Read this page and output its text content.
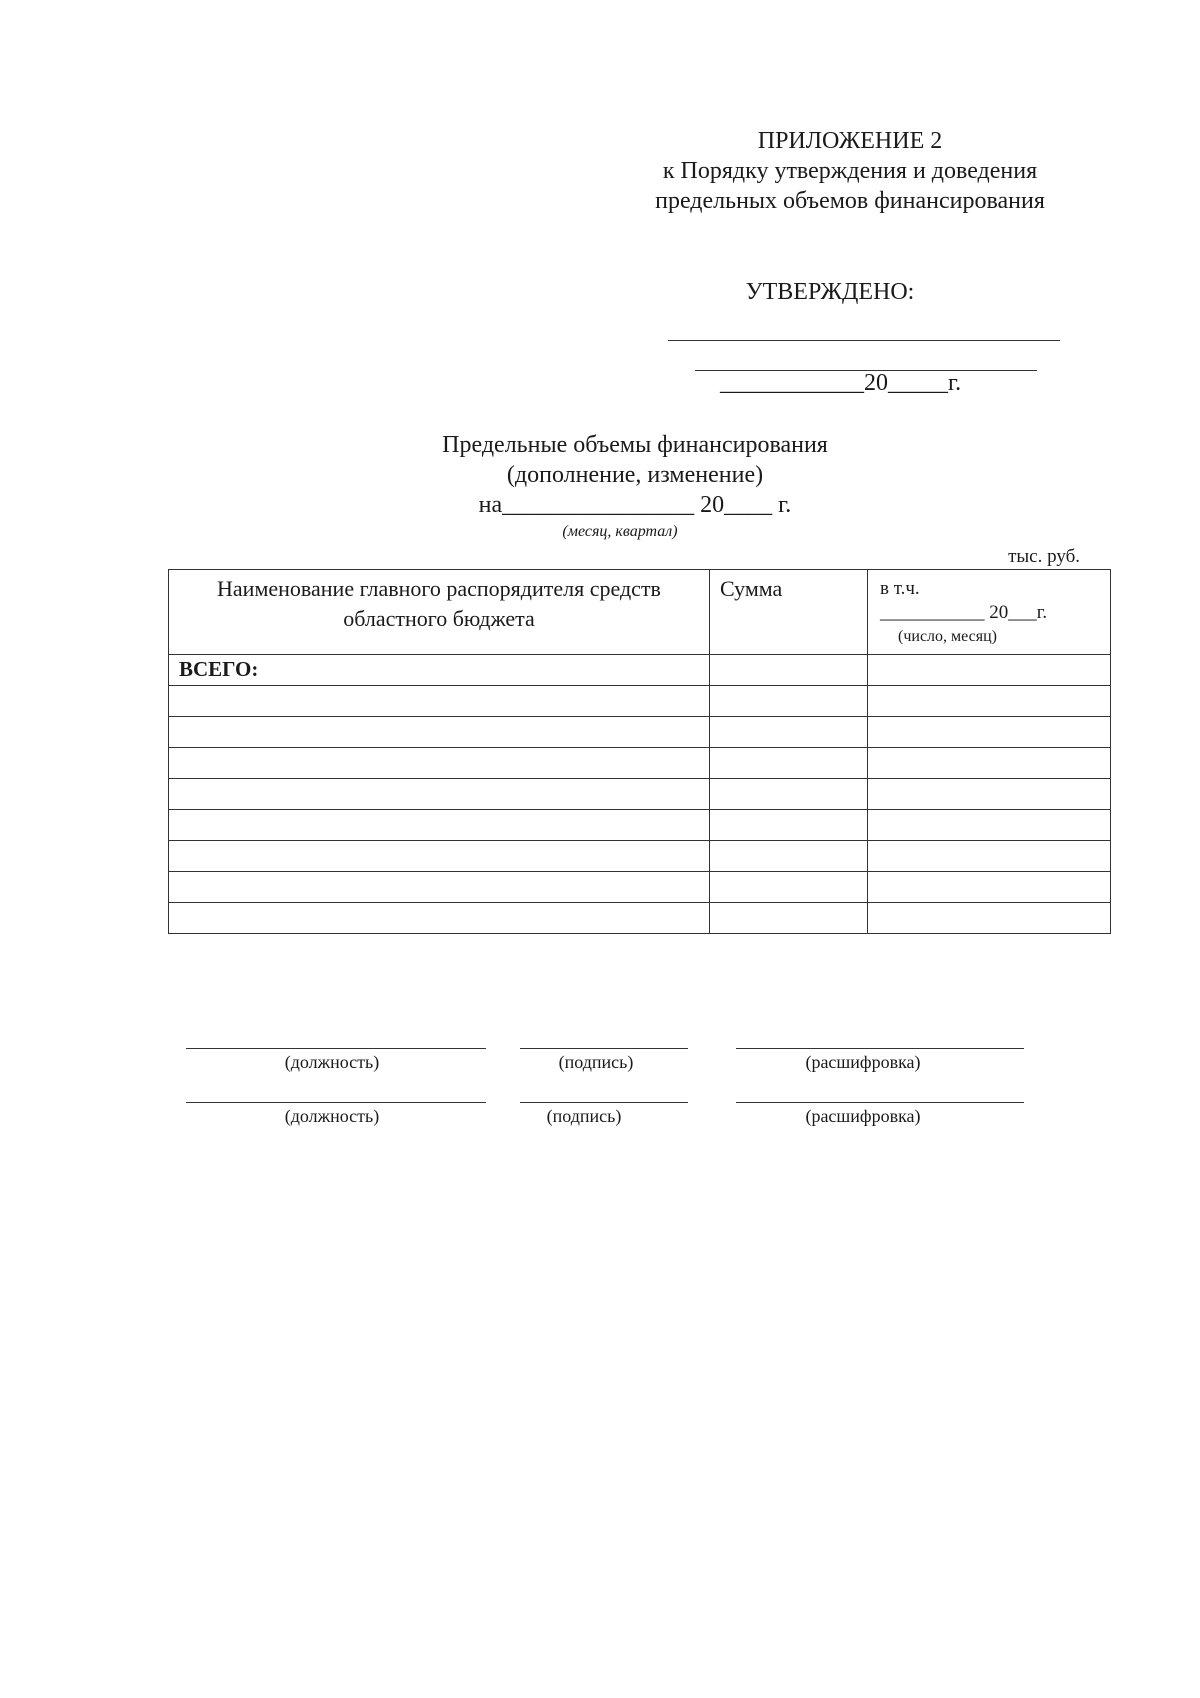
ПРИЛОЖЕНИЕ 2
к Порядку утверждения и доведения
предельных объемов финансирования
УТВЕРЖДЕНО:
____________20_____г.
Предельные объемы финансирования
(дополнение, изменение)
на________________ 20____ г.
(месяц, квартал)
тыс. руб.
Наименование главного распорядителя средств областного бюджета	Сумма	в т.ч.
___________ 20___г.
(число, месяц)

ВСЕГО:		

(должность)	(подпись)	(расшифровка)
(должность)	(подпись)	(расшифровка)
